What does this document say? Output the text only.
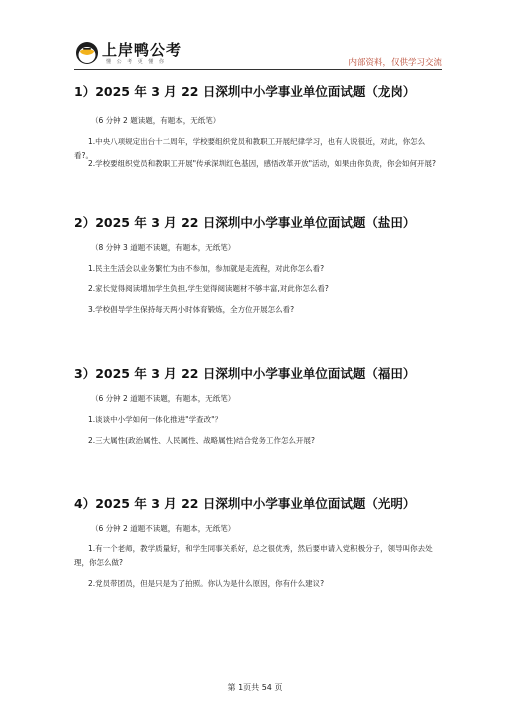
上岸鸭公考
懂 公 考 更 懂 你	内部资料，仅供学习交流
1）2025 年 3 月 22 日深圳中小学事业单位面试题（龙岗）
（6 分钟 2 题读题，有题本，无纸笔）
1.中央八项规定出台十二周年，学校要组织党员和教职工开展纪律学习，也有人说很近，对此，你怎么看?。
2.学校要组织党员和教职工开展"传承深圳红色基因，感悟改革开放"活动，如果由你负责，你会如何开展?
2）2025 年 3 月 22 日深圳中小学事业单位面试题（盐田）
（8 分钟 3 道题不读题，有题本，无纸笔）
1.民主生活会以业务繁忙为由不参加，参加就是走流程，对此你怎么看?
2.家长觉得阅读增加学生负担,学生觉得阅读题材不够丰富,对此你怎么看?
3.学校倡导学生保持每天两小时体育锻炼，全方位开展怎么看?
3）2025 年 3 月 22 日深圳中小学事业单位面试题（福田）
（6 分钟 2 道题不读题，有题本，无纸笔）
1.谈谈中小学如何一体化推进"学查改"？
2.三大属性(政治属性、人民属性、战略属性)结合党务工作怎么开展?
4）2025 年 3 月 22 日深圳中小学事业单位面试题（光明）
（6 分钟 2 道题不读题，有题本，无纸笔）
1.有一个老师，教学质量好，和学生同事关系好，总之很优秀，然后要申请入党积极分子，领导叫你去处理，你怎么做?
2.党员带团员，但是只是为了拍照。你认为是什么原因，你有什么建议?
第 1页共 54 页
